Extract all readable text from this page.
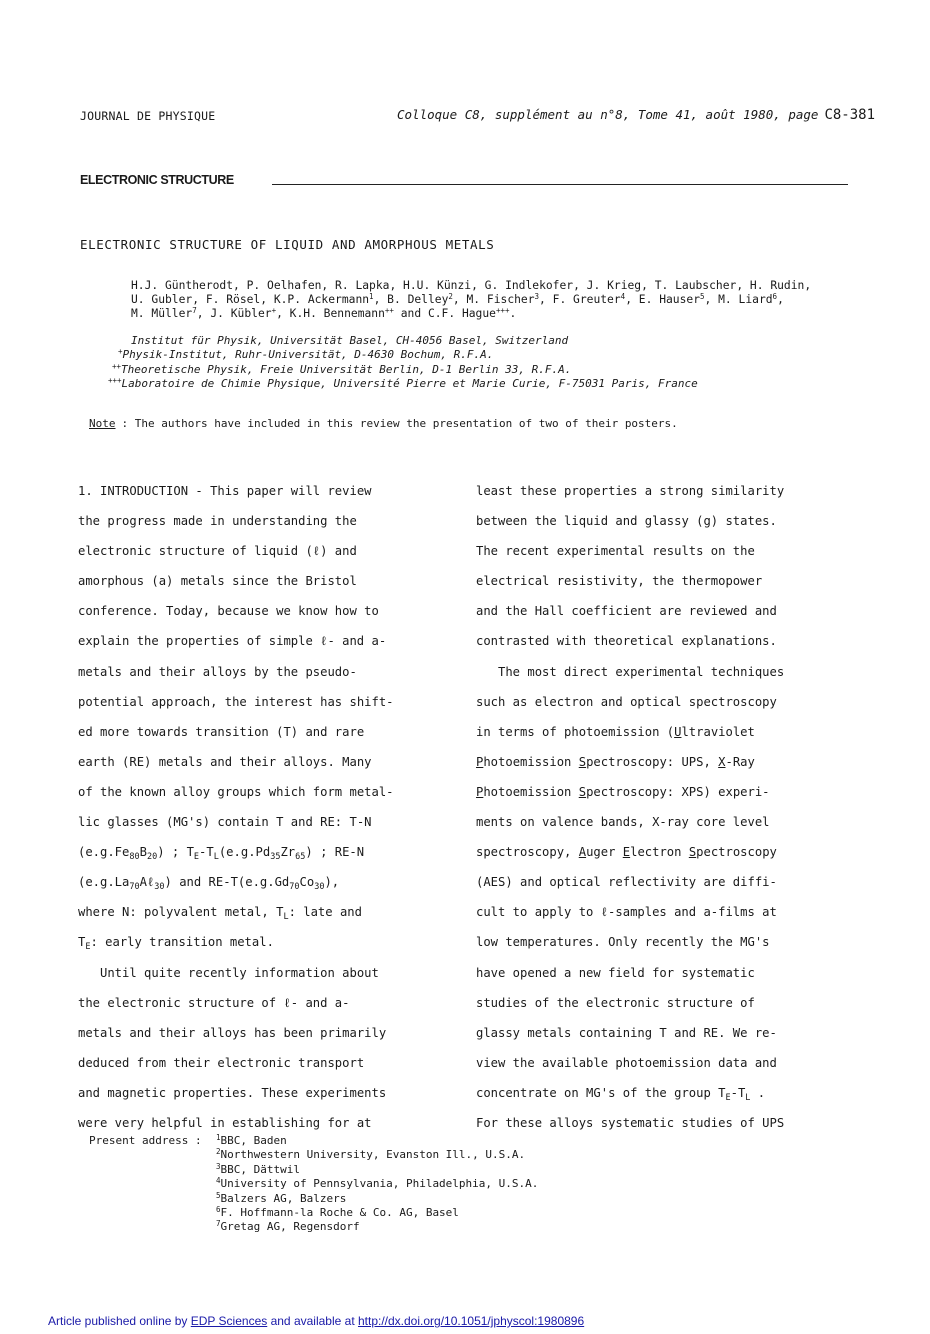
JOURNAL DE PHYSIQUE	Colloque C8, supplément au n°8, Tome 41, août 1980, page C8-381
ELECTRONIC STRUCTURE
ELECTRONIC STRUCTURE OF LIQUID AND AMORPHOUS METALS
H.J. Güntherodt, P. Oelhafen, R. Lapka, H.U. Künzi, G. Indlekofer, J. Krieg, T. Laubscher, H. Rudin,
U. Gubler, F. Rösel, K.P. Ackermann$^1$, B. Delley$^2$, M. Fischer$^3$, F. Greuter$^4$, E. Hauser$^5$, M. Liard$^6$,
M. Müller$^7$, J. Kübler+, K.H. Bennemann++ and C.F. Hague+++.
Institut für Physik, Universität Basel, CH-4056 Basel, Switzerland
+Physik-Institut, Ruhr-Universität, D-4630 Bochum, R.F.A.
++Theoretische Physik, Freie Universität Berlin, D-1 Berlin 33, R.F.A.
+++Laboratoire de Chimie Physique, Université Pierre et Marie Curie, F-75031 Paris, France
Note : The authors have included in this review the presentation of two of their posters.
1. INTRODUCTION - This paper will review
the progress made in understanding the
electronic structure of liquid (ℓ) and
amorphous (a) metals since the Bristol
conference. Today, because we know how to
explain the properties of simple ℓ- and a-
metals and their alloys by the pseudo-
potential approach, the interest has shift-
ed more towards transition (T) and rare
earth (RE) metals and their alloys. Many
of the known alloy groups which form metal-
lic glasses (MG's) contain T and RE: T-N
$(e.g.Fe_{80}B_{20})$ ; $T_E-T_L(e.g.Pd_{35}Zr_{65})$ ; RE-N
$(e.g.La_{70}A\ell_{30})$ and $RE-T(e.g.Gd_{70}Co_{30})$,
where N: polyvalent metal, $T_L$: late and
$T_E$: early transition metal.
Until quite recently information about
the electronic structure of ℓ- and a-
metals and their alloys has been primarily
deduced from their electronic transport
and magnetic properties. These experiments
were very helpful in establishing for at
least these properties a strong similarity
between the liquid and glassy (g) states.
The recent experimental results on the
electrical resistivity, the thermopower
and the Hall coefficient are reviewed and
contrasted with theoretical explanations.
The most direct experimental techniques
such as electron and optical spectroscopy
in terms of photoemission (Ultraviolet
Photoemission Spectroscopy: UPS, X-Ray
Photoemission Spectroscopy: XPS) experi-
ments on valence bands, X-ray core level
spectroscopy, Auger Electron Spectroscopy
(AES) and optical reflectivity are diffi-
cult to apply to ℓ-samples and a-films at
low temperatures. Only recently the MG's
have opened a new field for systematic
studies of the electronic structure of
glassy metals containing T and RE. We re-
view the available photoemission data and
concentrate on MG's of the group $T_E-T_L$ .
For these alloys systematic studies of UPS
Present address : $^1$BBC, Baden
$^2$Northwestern University, Evanston Ill., U.S.A.
$^3$BBC, Dättwil
$^4$University of Pennsylvania, Philadelphia, U.S.A.
$^5$Balzers AG, Balzers
$^6$F. Hoffmann-la Roche & Co. AG, Basel
$^7$Gretag AG, Regensdorf
Article published online by EDP Sciences and available at http://dx.doi.org/10.1051/jphyscol:1980896
